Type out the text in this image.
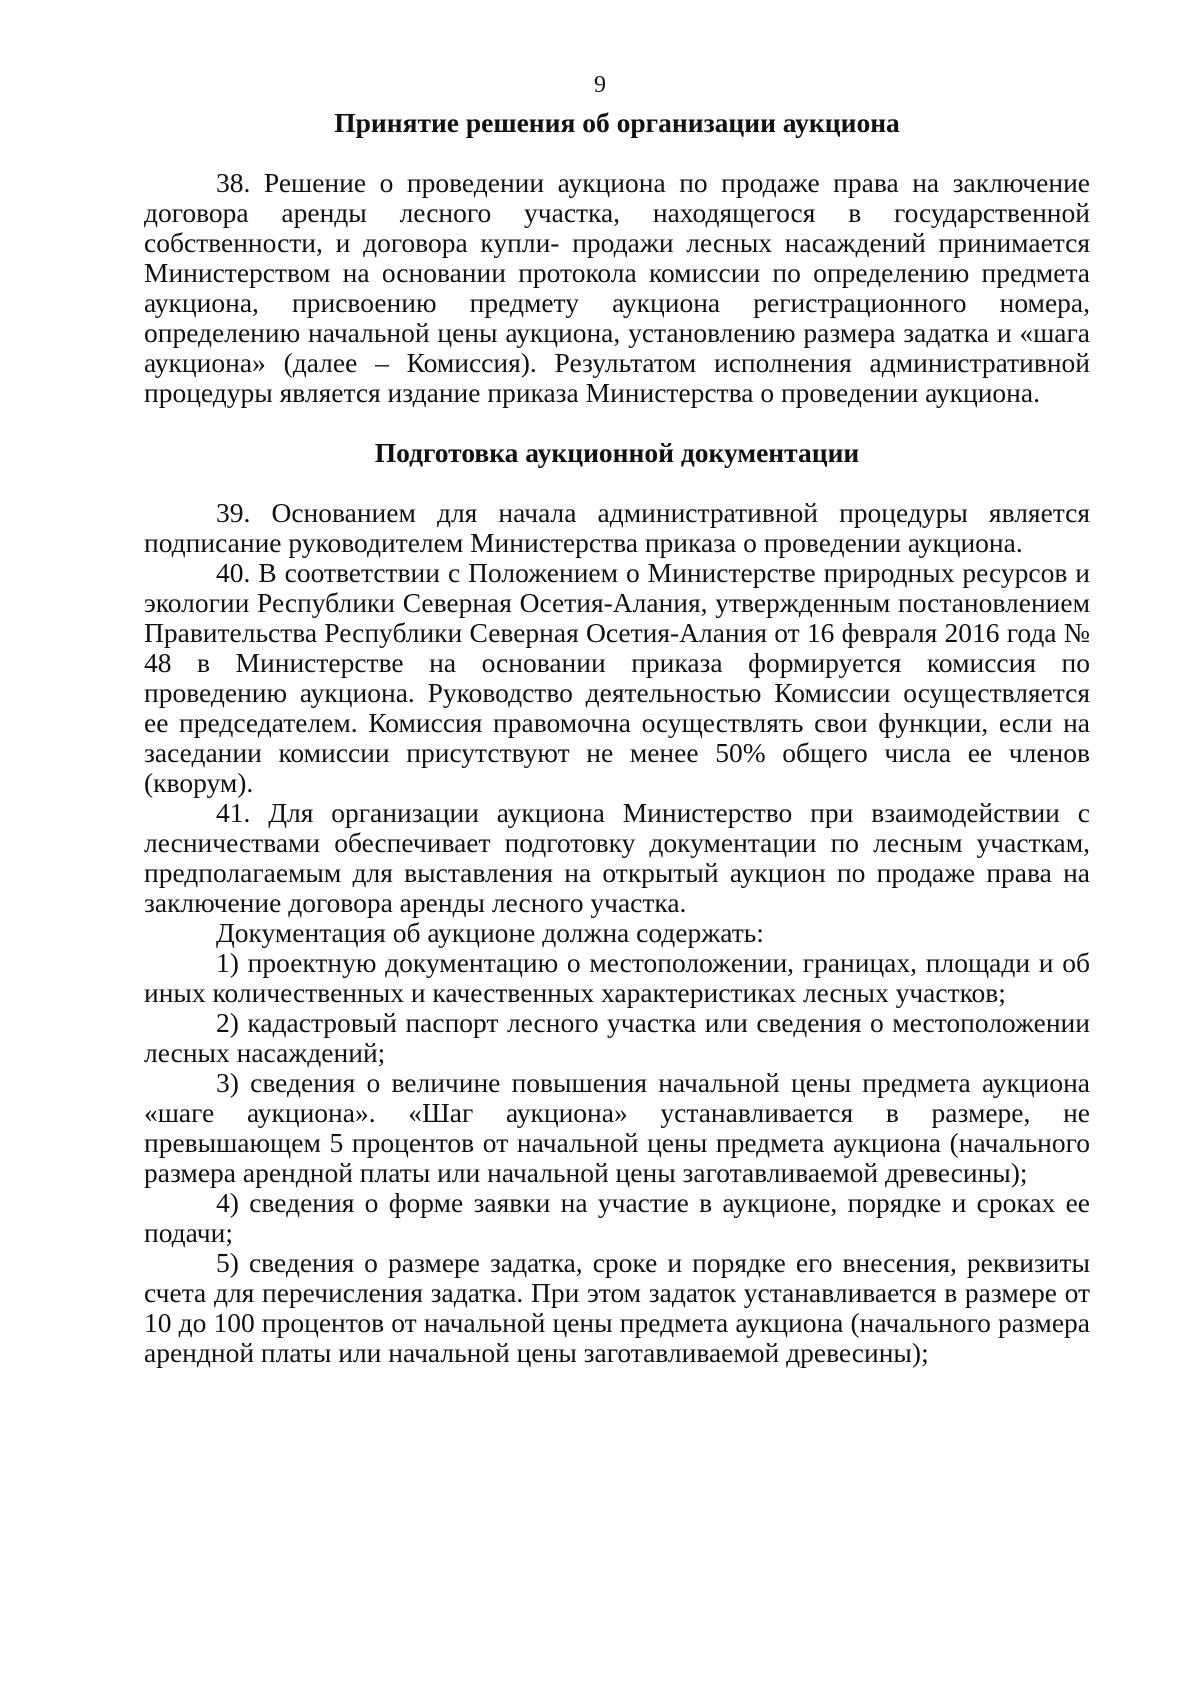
9

Принятие решения об организации аукциона

38. Решение о проведении аукциона по продаже права на заключение договора аренды лесного участка, находящегося в государственной собственности, и договора купли- продажи лесных насаждений принимается Министерством на основании протокола комиссии по определению предмета аукциона, присвоению предмету аукциона регистрационного номера, определению начальной цены аукциона, установлению размера задатка и «шага аукциона» (далее – Комиссия). Результатом исполнения административной процедуры является издание приказа Министерства о проведении аукциона.

Подготовка аукционной документации

39. Основанием для начала административной процедуры является подписание руководителем Министерства приказа о проведении аукциона.

40. В соответствии с Положением о Министерстве природных ресурсов и экологии Республики Северная Осетия-Алания, утвержденным постановлением Правительства Республики Северная Осетия-Алания от 16 февраля 2016 года № 48 в Министерстве на основании приказа формируется комиссия по проведению аукциона. Руководство деятельностью Комиссии осуществляется ее председателем. Комиссия правомочна осуществлять свои функции, если на заседании комиссии присутствуют не менее 50% общего числа ее членов (кворум).

41. Для организации аукциона Министерство при взаимодействии с лесничествами обеспечивает подготовку документации по лесным участкам, предполагаемым для выставления на открытый аукцион по продаже права на заключение договора аренды лесного участка.

Документация об аукционе должна содержать:

1) проектную документацию о местоположении, границах, площади и об иных количественных и качественных характеристиках лесных участков;

2) кадастровый паспорт лесного участка или сведения о местоположении лесных насаждений;

3) сведения о величине повышения начальной цены предмета аукциона «шаге аукциона». «Шаг аукциона» устанавливается в размере, не превышающем 5 процентов от начальной цены предмета аукциона (начального размера арендной платы или начальной цены заготавливаемой древесины);

4) сведения о форме заявки на участие в аукционе, порядке и сроках ее подачи;

5) сведения о размере задатка, сроке и порядке его внесения, реквизиты счета для перечисления задатка. При этом задаток устанавливается в размере от 10 до 100 процентов от начальной цены предмета аукциона (начального размера арендной платы или начальной цены заготавливаемой древесины);
